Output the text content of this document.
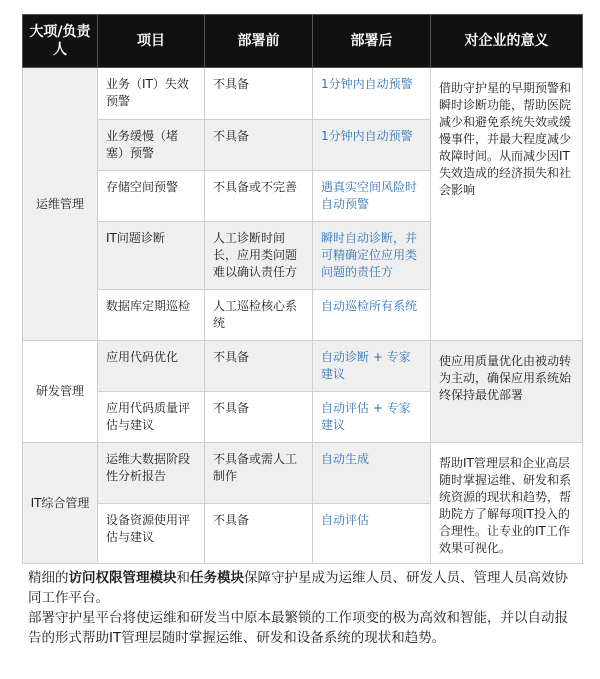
大项/负责人	项目	部署前	部署后	对企业的意义
运维管理	业务（IT）失效预警	不具备	1分钟内自动预警	借助守护星的早期预警和瞬时诊断功能，帮助医院减少和避免系统失效或缓慢事件，并最大程度减少故障时间。从而减少因IT失效造成的经济损失和社会影响
	业务缓慢（堵塞）预警	不具备	1分钟内自动预警	
	存储空间预警	不具备或不完善	遇真实空间风险时自动预警	
	IT问题诊断	人工诊断时间长，应用类问题难以确认责任方	瞬时自动诊断，并可精确定位应用类问题的责任方	
	数据库定期巡检	人工巡检核心系统	自动巡检所有系统	
研发管理	应用代码优化	不具备	自动诊断 + 专家建议	使应用质量优化由被动转为主动，确保应用系统始终保持最优部署
	应用代码质量评估与建议	不具备	自动评估 + 专家建议	
IT综合管理	运维大数据阶段性分析报告	不具备或需人工制作	自动生成	帮助IT管理层和企业高层随时掌握运维、研发和系统资源的现状和趋势，帮助院方了解每项IT投入的合理性。让专业的IT工作效果可视化。
	设备资源使用评估与建议	不具备	自动评估	

精细的访问权限管理模块和任务模块保障守护星成为运维人员、研发人员、管理人员高效协同工作平台。

部署守护星平台将使运维和研发当中原本最繁锁的工作项变的极为高效和智能，并以自动报告的形式帮助IT管理层随时掌握运维、研发和设备系统的现状和趋势。
